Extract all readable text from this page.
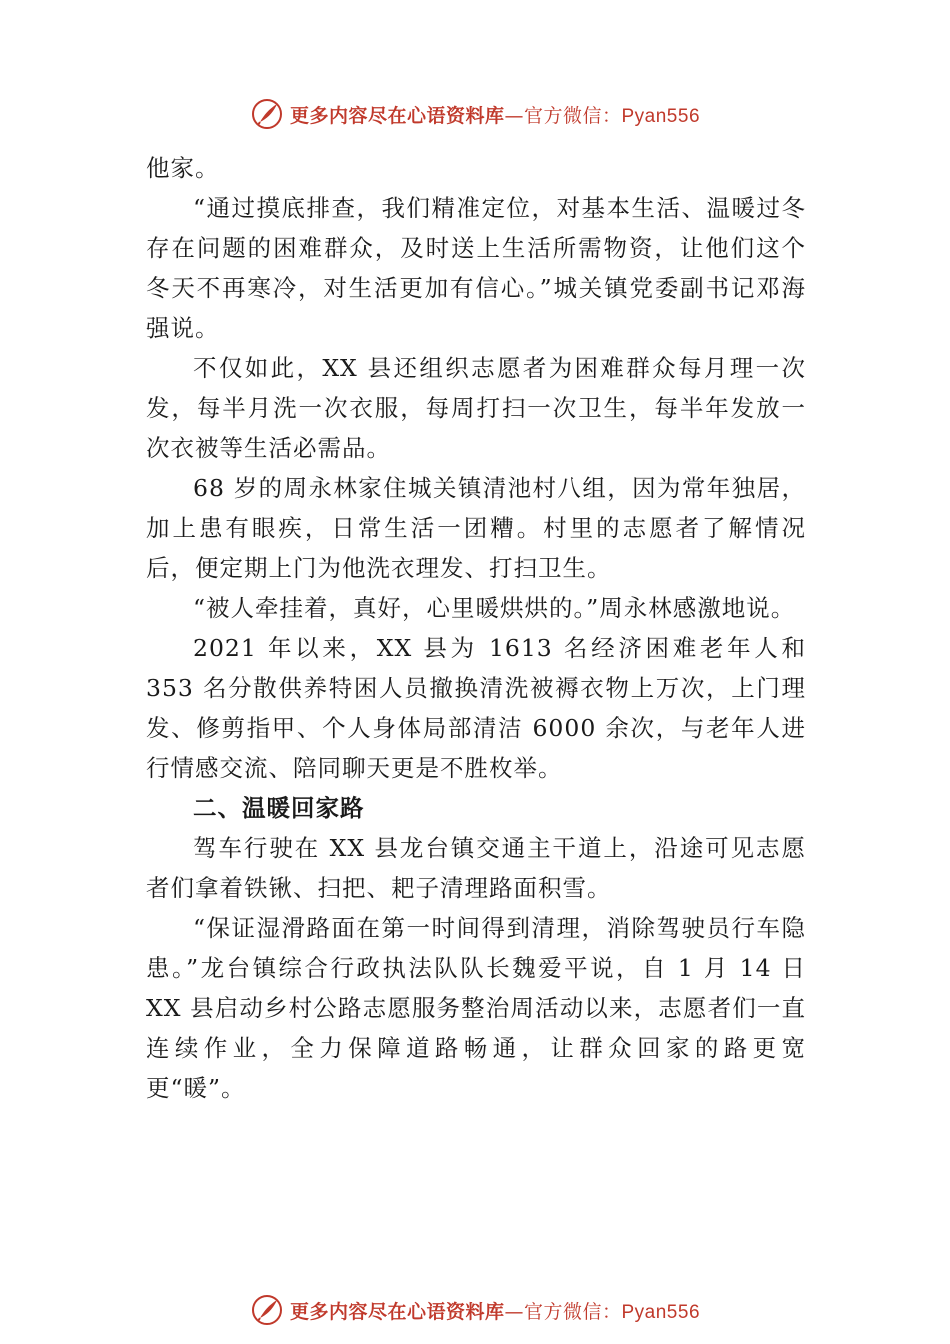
更多内容尽在心语资料库—官方微信：Pyan556

他家。

“通过摸底排查，我们精准定位，对基本生活、温暖过冬存在问题的困难群众，及时送上生活所需物资，让他们这个冬天不再寒冷，对生活更加有信心。”城关镇党委副书记邓海强说。

不仅如此，XX 县还组织志愿者为困难群众每月理一次发，每半月洗一次衣服，每周打扫一次卫生，每半年发放一次衣被等生活必需品。

68 岁的周永林家住城关镇清池村八组，因为常年独居，加上患有眼疾，日常生活一团糟。村里的志愿者了解情况后，便定期上门为他洗衣理发、打扫卫生。

“被人牵挂着，真好，心里暖烘烘的。”周永林感激地说。

2021 年以来，XX 县为 1613 名经济困难老年人和 353 名分散供养特困人员撤换清洗被褥衣物上万次，上门理发、修剪指甲、个人身体局部清洁 6000 余次，与老年人进行情感交流、陪同聊天更是不胜枚举。

二、温暖回家路

驾车行驶在 XX 县龙台镇交通主干道上，沿途可见志愿者们拿着铁锹、扫把、耙子清理路面积雪。

“保证湿滑路面在第一时间得到清理，消除驾驶员行车隐患。”龙台镇综合行政执法队队长魏爱平说，自 1 月 14 日 XX 县启动乡村公路志愿服务整治周活动以来，志愿者们一直连续作业，全力保障道路畅通，让群众回家的路更宽更“暖”。

更多内容尽在心语资料库—官方微信：Pyan556
